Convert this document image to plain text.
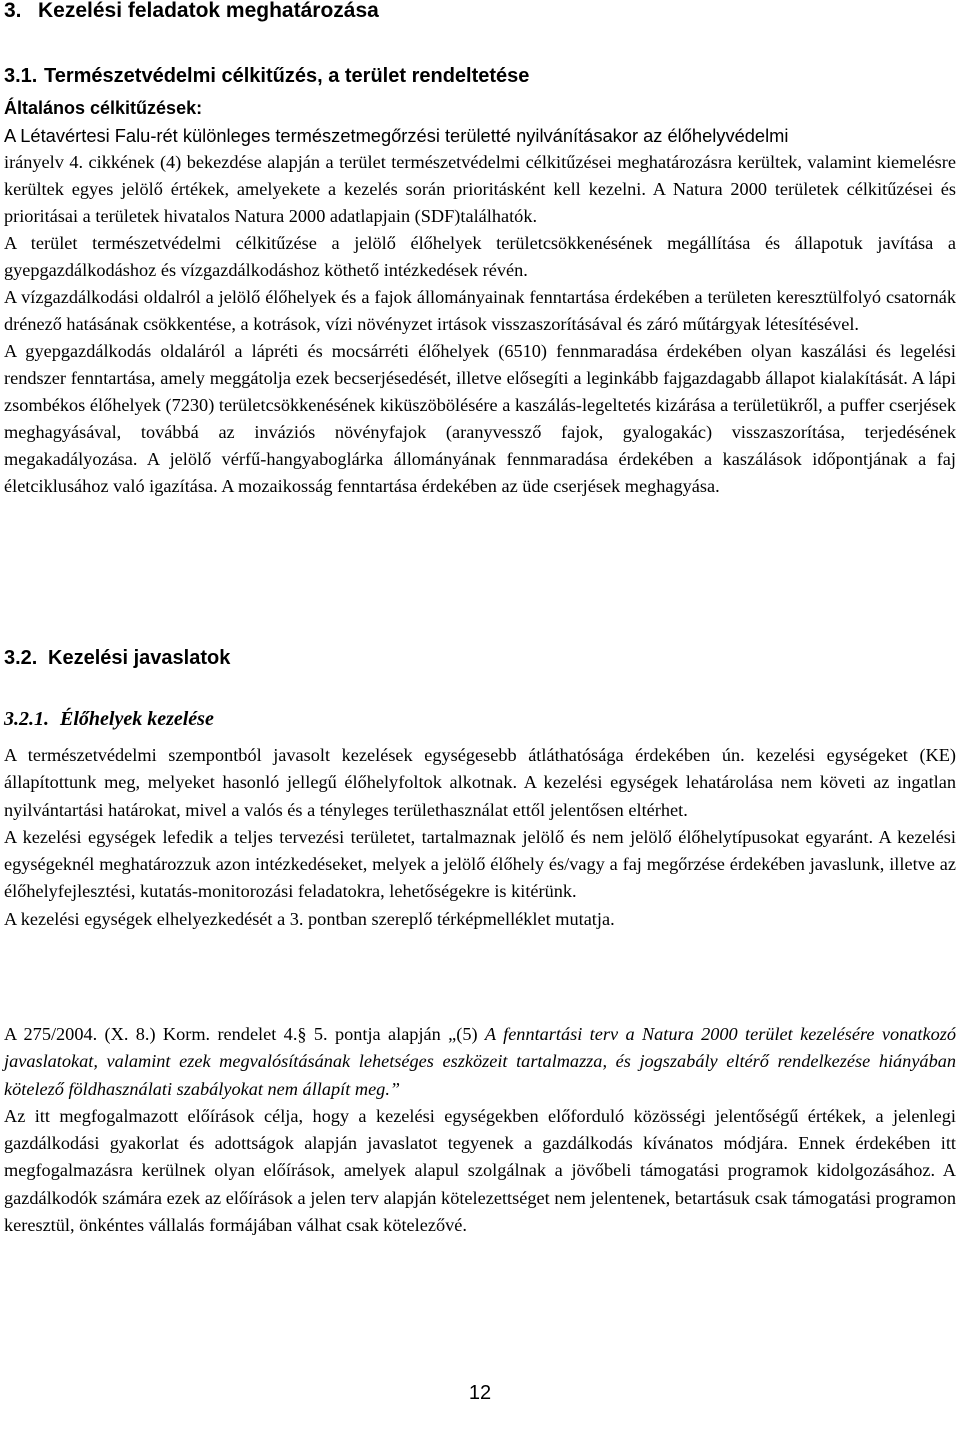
3. Kezelési feladatok meghatározása
3.1. Természetvédelmi célkitűzés, a terület rendeltetése
Általános célkitűzések:
A Létavértesi Falu-rét különleges természetmegőrzési területté nyilvánításakor az élőhelyvédelmi

irányelv 4. cikkének (4) bekezdése alapján a terület természetvédelmi célkitűzései meghatározásra kerültek, valamint kiemelésre kerültek egyes jelölő értékek, amelyekete a kezelés során prioritásként kell kezelni. A Natura 2000 területek célkitűzései és prioritásai a területek hivatalos Natura 2000 adatlapjain (SDF)találhatók.

A terület természetvédelmi célkitűzése a jelölő élőhelyek területcsökkenésének megállítása és állapotuk javítása a gyepgazdálkodáshoz és vízgazdálkodáshoz köthető intézkedések révén.

A vízgazdálkodási oldalról a jelölő élőhelyek és a fajok állományainak fenntartása érdekében a területen keresztülfolyó csatornák drénező hatásának csökkentése, a kotrások, vízi növényzet irtások visszaszorításával és záró műtárgyak létesítésével.

A gyepgazdálkodás oldaláról a lápréti és mocsárréti élőhelyek (6510) fennmaradása érdekében olyan kaszálási és legelési rendszer fenntartása, amely meggátolja ezek becserjésedését, illetve elősegíti a leginkább fajgazdagabb állapot kialakítását. A lápi zsombékos élőhelyek (7230) területcsökkenésének kiküszöbölésére a kaszálás-legeltetés kizárása a területükről, a puffer cserjések meghagyásával, továbbá az inváziós növényfajok (aranyvessző fajok, gyalogakác) visszaszorítása, terjedésének megakadályozása. A jelölő vérfű-hangyaboglárka állományának fennmaradása érdekében a kaszálások időpontjának a faj életciklusához való igazítása. A mozaikosság fenntartása érdekében az üde cserjések meghagyása.

3.2. Kezelési javaslatok
3.2.1. Élőhelyek kezelése

A természetvédelmi szempontból javasolt kezelések egységesebb átláthatósága érdekében ún. kezelési egységeket (KE) állapítottunk meg, melyeket hasonló jellegű élőhelyfoltok alkotnak. A kezelési egységek lehatárolása nem követi az ingatlan nyilvántartási határokat, mivel a valós és a tényleges területhasználat ettől jelentősen eltérhet.

A kezelési egységek lefedik a teljes tervezési területet, tartalmaznak jelölő és nem jelölő élőhelytípusokat egyaránt. A kezelési egységeknél meghatározzuk azon intézkedéseket, melyek a jelölő élőhely és/vagy a faj megőrzése érdekében javaslunk, illetve az élőhelyfejlesztési, kutatás-monitorozási feladatokra, lehetőségekre is kitérünk.

A kezelési egységek elhelyezkedését a 3. pontban szereplő térképmelléklet mutatja.

A 275/2004. (X. 8.) Korm. rendelet 4.§ 5. pontja alapján „(5) A fenntartási terv a Natura 2000 terület kezelésére vonatkozó javaslatokat, valamint ezek megvalósításának lehetséges eszközeit tartalmazza, és jogszabály eltérő rendelkezése hiányában kötelező földhasználati szabályokat nem állapít meg.”

Az itt megfogalmazott előírások célja, hogy a kezelési egységekben előforduló közösségi jelentőségű értékek, a jelenlegi gazdálkodási gyakorlat és adottságok alapján javaslatot tegyenek a gazdálkodás kívánatos módjára. Ennek érdekében itt megfogalmazásra kerülnek olyan előírások, amelyek alapul szolgálnak a jövőbeli támogatási programok kidolgozásához. A gazdálkodók számára ezek az előírások a jelen terv alapján kötelezettséget nem jelentenek, betartásuk csak támogatási programon keresztül, önkéntes vállalás formájában válhat csak kötelezővé.

12
